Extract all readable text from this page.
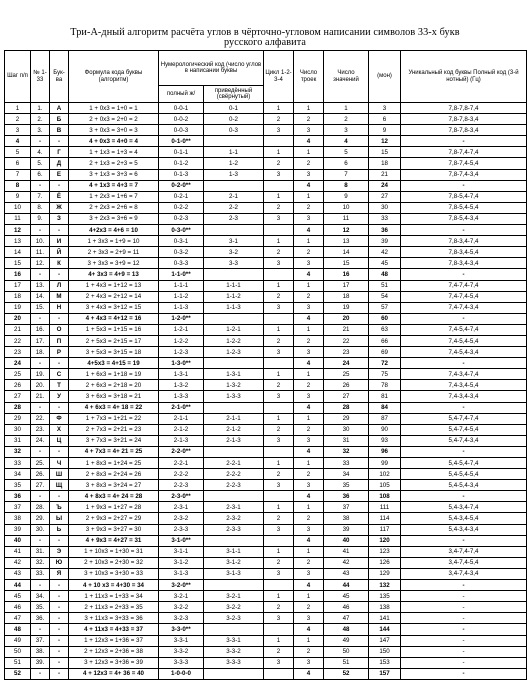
Три-А-дный алгоритм расчёта углов в чёрточно-угловом написании символов 33-х букв
русского алфавита
Шаг п/п	№ 1-33	Бук- ва	Формула кода буквы (алгоритм)	Нумерологический код (число углов в написании буквы		Цикл 1-2-3-4	Число троек	Число значений	(мон)	Уникальный код буквы Полный код (3-й нотный) (Гц)
				полный ж/	приведённый (свёрнутый)					
1	1.	А	1 + 0x3 = 1+0 = 1	0-0-1	0-1	1	1	1	3	7,8-7,8-7,4
2	2.	Б	2 + 0x3 = 2+0 = 2	0-0-2	0-2	2	2	2	6	7,8-7,8-3,4
3	3.	В	3 + 0x3 = 3+0 = 3	0-0-3	0-3	3	3	3	9	7,8-7,8-3,4
4	-	-	4 + 0x3 = 4+0 = 4	0-1-0**			4	4	12	-
5	4.	Г	1 + 1x3 = 1+3 = 4	0-1-1	1-1	1	1	5	15	7,8-7,4-7,4
6	5.	Д	2 + 1x3 = 2+3 = 5	0-1-2	1-2	2	2	6	18	7,8-7,4-5,4
7	6.	Е	3 + 1x3 = 3+3 = 6	0-1-3	1-3	3	3	7	21	7,8-7,4-3,4
8	-	-	4 + 1x3 = 4+3 = 7	0-2-0**			4	8	24	-
9	7.	Ё	1 + 2x3 = 1+6 = 7	0-2-1	2-1	1	1	9	27	7,8-5,4-7,4
10	8.	Ж	2 + 2x3 = 2+6 = 8	0-2-2	2-2	2	2	10	30	7,8-5,4-5,4
11	9.	З	3 + 2x3 = 3+6 = 9	0-2-3	2-3	3	3	11	33	7,8-5,4-3,4
12	-	-	4+2x3 = 4+6 = 10	0-3-0**			4	12	36	-
13	10.	И	1 + 3x3 = 1+9 = 10	0-3-1	3-1	1	1	13	39	7,8-3,4-7,4
14	11.	Й	2 + 3x3 = 2+9 = 11	0-3-2	3-2	2	2	14	42	7,8-3,4-5,4
15	12.	К	3 + 3x3 = 3+9 = 12	0-3-3	3-3	3	3	15	45	7,8-3,4-3,4
16	-	-	4+ 3x3 = 4+9 = 13	1-1-0**			4	16	48	-
17	13.	Л	1 + 4x3 = 1+12 = 13	1-1-1	1-1-1	1	1	17	51	7,4-7,4-7,4
18	14.	М	2 + 4x3 = 2+12 = 14	1-1-2	1-1-2	2	2	18	54	7,4-7,4-5,4
19	15.	Н	3 + 4x3 = 3+12 = 15	1-1-3	1-1-3	3	3	19	57	7,4-7,4-3,4
20	-	-	4 + 4x3 = 4+12 = 16	1-2-0**			4	20	60	-
21	16.	О	1 + 5x3 = 1+15 = 16	1-2-1	1-2-1	1	1	21	63	7,4-5,4-7,4
22	17.	П	2 + 5x3 = 2+15 = 17	1-2-2	1-2-2	2	2	22	66	7,4-5,4-5,4
23	18.	Р	3 + 5x3 = 3+15 = 18	1-2-3	1-2-3	3	3	23	69	7,4-5,4-3,4
24	-	-	4+5x3 = 4+15 = 19	1-3-0**			4	24	72	-
25	19.	С	1 + 6x3 = 1+18 = 19	1-3-1	1-3-1	1	1	25	75	7,4-3,4-7,4
26	20.	Т	2 + 6x3 = 2+18 = 20	1-3-2	1-3-2	2	2	26	78	7,4-3,4-5,4
27	21.	У	3 + 6x3 = 3+18 = 21	1-3-3	1-3-3	3	3	27	81	7,4-3,4-3,4
28	-	-	4 + 6x3 = 4+ 18 = 22	2-1-0**			4	28	84	-
29	22.	Ф	1 + 7x3 = 1+21 = 22	2-1-1	2-1-1	1	1	29	87	5,4-7,4-7,4
30	23.	Х	2 + 7x3 = 2+21 = 23	2-1-2	2-1-2	2	2	30	90	5,4-7,4-5,4
31	24.	Ц	3 + 7x3 = 3+21 = 24	2-1-3	2-1-3	3	3	31	93	5,4-7,4-3,4
32	-	-	4 + 7x3 = 4+ 21 = 25	2-2-0**			4	32	96	-
33	25.	Ч	1 + 8x3 = 1+24 = 25	2-2-1	2-2-1	1	1	33	99	5,4-5,4-7,4
34	26.	Ш	2 + 8x3 = 2+24 = 26	2-2-2	2-2-2	2	2	34	102	5,4-5,4-5,4
35	27.	Щ	3 + 8x3 = 3+24 = 27	2-2-3	2-2-3	3	3	35	105	5,4-5,4-3,4
36	-	-	4 + 8x3 = 4+ 24 = 28	2-3-0**			4	36	108	-
37	28.	Ъ	1 + 9x3 = 1+27 = 28	2-3-1	2-3-1	1	1	37	111	5,4-3,4-7,4
38	29.	Ы	2 + 9x3 = 2+27 = 29	2-3-2	2-3-2	2	2	38	114	5,4-3,4-5,4
39	30.	Ь	3 + 9x3 = 3+27 = 30	2-3-3	2-3-3	3	3	39	117	5,4-3,4-3,4
40	-	-	4 + 9x3 = 4+27 = 31	3-1-0**			4	40	120	-
41	31.	Э	1 + 10x3 = 1+30 = 31	3-1-1	3-1-1	1	1	41	123	3,4-7,4-7,4
42	32.	Ю	2 + 10x3 = 2+30 = 32	3-1-2	3-1-2	2	2	42	126	3,4-7,4-5,4
43	33.	Я	3 + 10x3 = 3+30 = 33	3-1-3	3-1-3	3	3	43	129	3,4-7,4-3,4
44	-	-	4 + 10 x3 = 4+30 = 34	3-2-0**			4	44	132	-
45	34.	-	1 + 11x3 = 1+33 = 34	3-2-1	3-2-1	1	1	45	135	-
46	35.	-	2 + 11x3 = 2+33 = 35	3-2-2	3-2-2	2	2	46	138	-
47	36.	-	3 + 11x3 = 3+33 = 36	3-2-3	3-2-3	3	3	47	141	-
48	-	-	4 + 11x3 = 4+33 = 37	3-3-0**			4	48	144	-
49	37.	-	1 + 12x3 = 1+36 = 37	3-3-1	3-3-1	1	1	49	147	-
50	38.	-	2 + 12x3 = 2+36 = 38	3-3-2	3-3-2	2	2	50	150	-
51	39.	-	3 + 12x3 = 3+36 = 39	3-3-3	3-3-3	3	3	51	153	-
52	-	-	4 + 12x3 = 4+ 36 = 40	1-0-0-0			4	52	157	-
